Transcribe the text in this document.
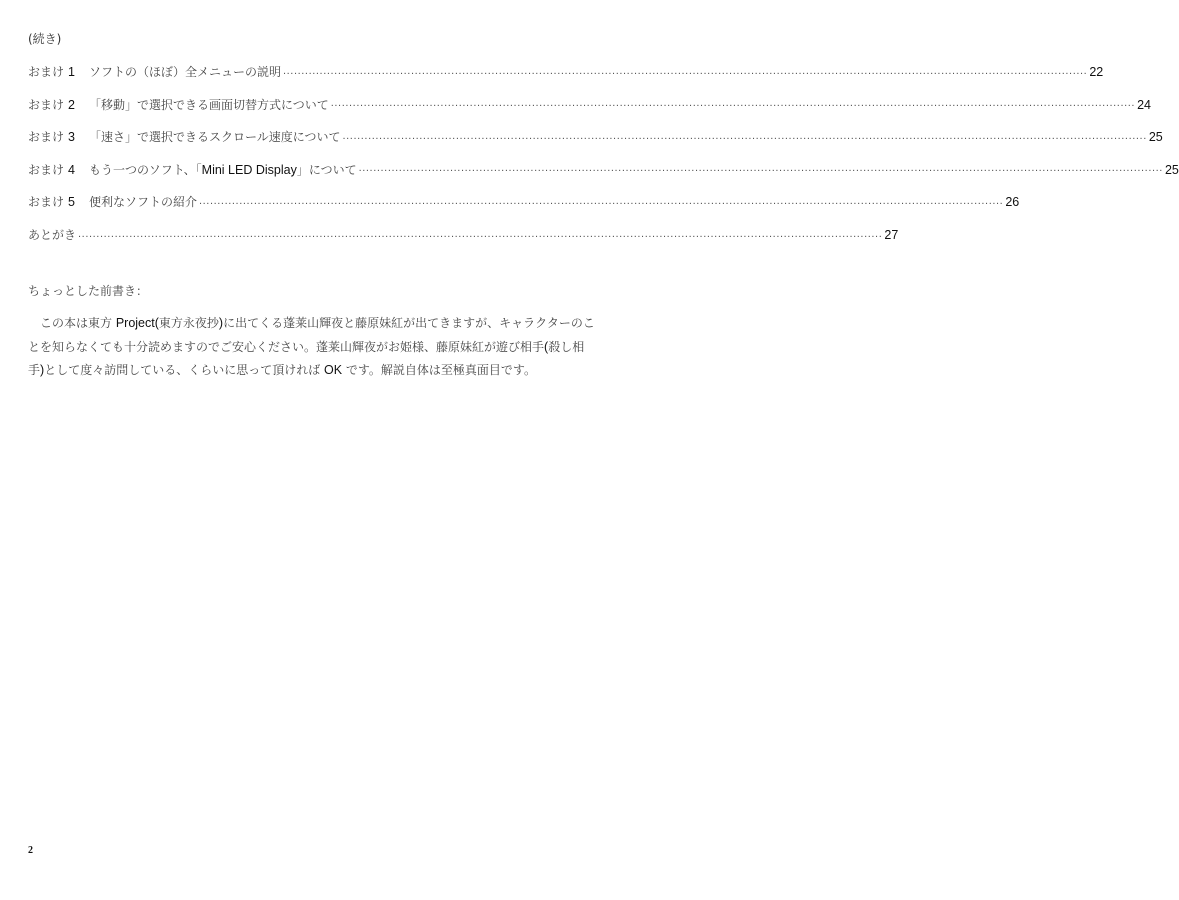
(続き)
おまけ 1 ソフトの（ほぼ）全メニューの説明 ............................................................................................................................................................................................................................ 22
おまけ 2 「移動」で選択できる画面切替方式について ............................................................................................................................................................................................................................ 24
おまけ 3 「速さ」で選択できるスクロール速度について ............................................................................................................................................................................................................................ 25
おまけ 4 もう一つのソフト、「Mini LED Display」について ............................................................................................................................................................................................................................ 25
おまけ 5 便利なソフトの紹介 ............................................................................................................................................................................................................................ 26
あとがき ............................................................................................................................................................................................................................ 27
ちょっとした前書き：
この本は東方 Project(東方永夜抄)に出てくる蓬莱山輝夜と藤原妹紅が出てきますが、キャラクターのことを知らなくても十分読めますのでご安心ください。蓬莱山輝夜がお姫様、藤原妹紅が遊び相手(殺し相手)として度々訪問している、くらいに思って頂ければ OK です。解説自体は至極真面目です。
2
